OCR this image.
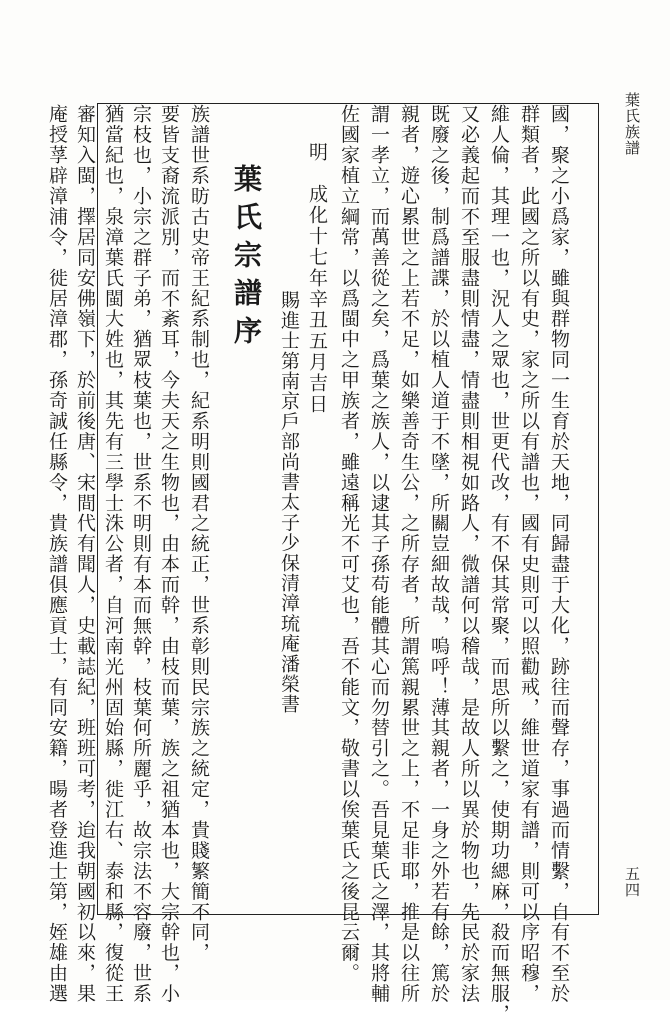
葉氏族譜
五四
國，聚之小爲家，雖與群物同一生育於天地，同歸盡于大化，跡往而聲存，事過而情繫，自有不至於
群類者，此國之所以有史，家之所以有譜也，國有史則可以照勸戒，維世道家有譜，則可以序昭穆，
維人倫，其理一也，況人之眾也，世更代改，有不保其常聚，而思所以繫之，使期功緦麻，殺而無服，
又必義起而不至服盡則情盡，情盡則相視如路人，微譜何以稽哉，是故人所以異於物也，先民於家法
既廢之後，制爲譜諜，於以植人道于不墜，所關豈細故哉，嗚呼！薄其親者，一身之外若有餘，篤於
親者，遊心累世之上若不足，如樂善奇生公，之所存者，所謂篤親累世之上，不足非耶，推是以往所
謂一孝立，而萬善從之矣，爲葉之族人，以逮其子孫苟能體其心而勿替引之。吾見葉氏之澤，其將輔
佐國家植立綱常，以爲閩中之甲族者，雖遠稱光不可艾也，吾不能文，敬書以俟葉氏之後昆云爾。
明　成化十七年辛丑五月吉日
賜進士第南京戶部尚書太子少保清漳琉庵潘榮書
葉氏宗譜序
族譜世系昉古史帝王紀系制也，紀系明則國君之統正，世系彰則民宗族之統定，貴賤繁簡不同，
要皆支裔流派別，而不紊耳，今夫天之生物也，由本而幹，由枝而葉，族之祖猶本也，大宗幹也，小
宗枝也，小宗之群子弟，猶眾枝葉也，世系不明則有本而無幹，枝葉何所麗乎，故宗法不容廢，世系
猶當紀也，泉漳葉氏閩大姓也，其先有三學士洙公者，自河南光州固始縣，徙江右、泰和縣，復從王
審知入閩，擇居同安佛嶺下，於前後唐、宋間代有聞人，史載誌紀，班班可考，迨我朝國初以來，果
庵授莩辟漳浦令，徙居漳郡，孫奇誠任縣令，貴族譜俱應貢士，有同安籍，暘者登進士第，姪雄由選
